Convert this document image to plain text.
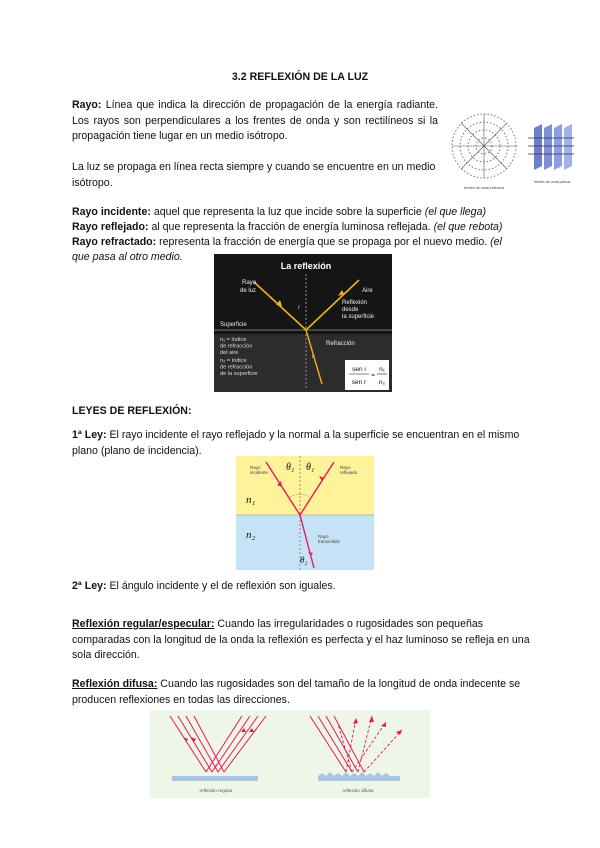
3.2 REFLEXIÓN DE LA LUZ

Rayo: Línea que indica la dirección de propagación de la energía radiante. Los rayos son perpendiculares a los frentes de onda y son rectilíneos si la propagación tiene lugar en un medio isótropo.

La luz se propaga en línea recta siempre y cuando se encuentre en un medio isótropo.	frentes de onda esféricos
frentes de onda planos

Rayo incidente: aquel que representa la luz que incide sobre la superficie (el que llega)

Rayo reflejado: al que representa la fracción de energía luminosa reflejada. (el que rebota)

Rayo refractado: representa la fracción de energía que se propaga por el nuevo medio. (el

que pasa al otro medio.

La reflexión
Rayo de luz	Aire
Reflexión desde la superficie
Superficie
i
r
Refracción
n₁ = índice de refracción del aire n₂ = índice de refracción de la superficie
sen i
sen r
=
n₁
n₂
LEYES DE REFLEXIÓN:

1ª Ley: El rayo incidente el rayo reflejado y la normal a la superficie se encuentran en el mismo plano (plano de incidencia).

θ₁ θ₁
θ₂
n₁
n₂
Rayo incidente
Rayo reflejado
Rayo transmitido

2ª Ley: El ángulo incidente y el de reflexión son iguales.

Reflexión regular/especular: Cuando las irregularidades o rugosidades son pequeñas comparadas con la longitud de la onda la reflexión es perfecta y el haz luminoso se refleja en una sola dirección.

Reflexión difusa: Cuando las rugosidades son del tamaño de la longitud de onda indecente se producen reflexiones en todas las direcciones.

reflexión regular	reflexión difusa
